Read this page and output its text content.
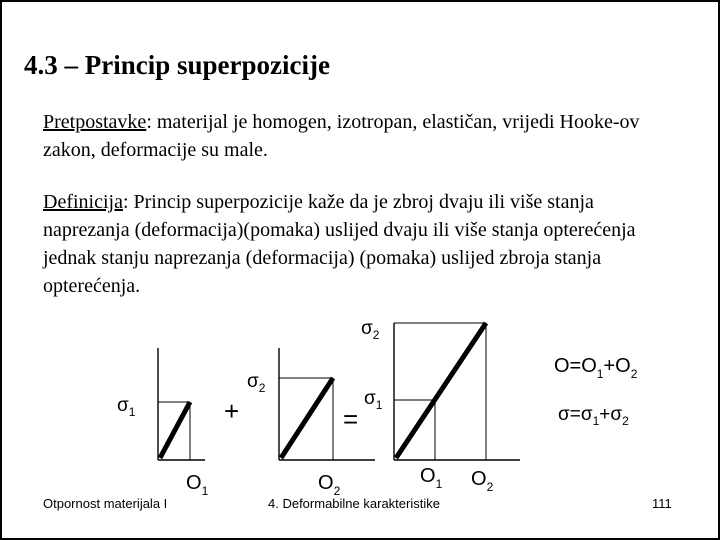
4.3 – Princip superpozicije
Pretpostavke: materijal je homogen, izotropan, elastičan, vrijedi Hooke-ov zakon, deformacije su male.
Definicija: Princip superpozicije kaže da je zbroj dvaju ili više stanja naprezanja (deformacija)(pomaka) uslijed dvaju ili više stanja opterećenja jednak stanju naprezanja (deformacija) (pomaka) uslijed zbroja stanja opterećenja.
$\sigma_1$
$O_1$
+
$\sigma_2$
$O_2$
=
$\sigma_2$
$\sigma_1$
$O_1$ $O_2$
$O=O_1+O_2$
$\sigma=\sigma_1+\sigma_2$
Otpornost materijala I	4. Deformabilne karakteristike	111
